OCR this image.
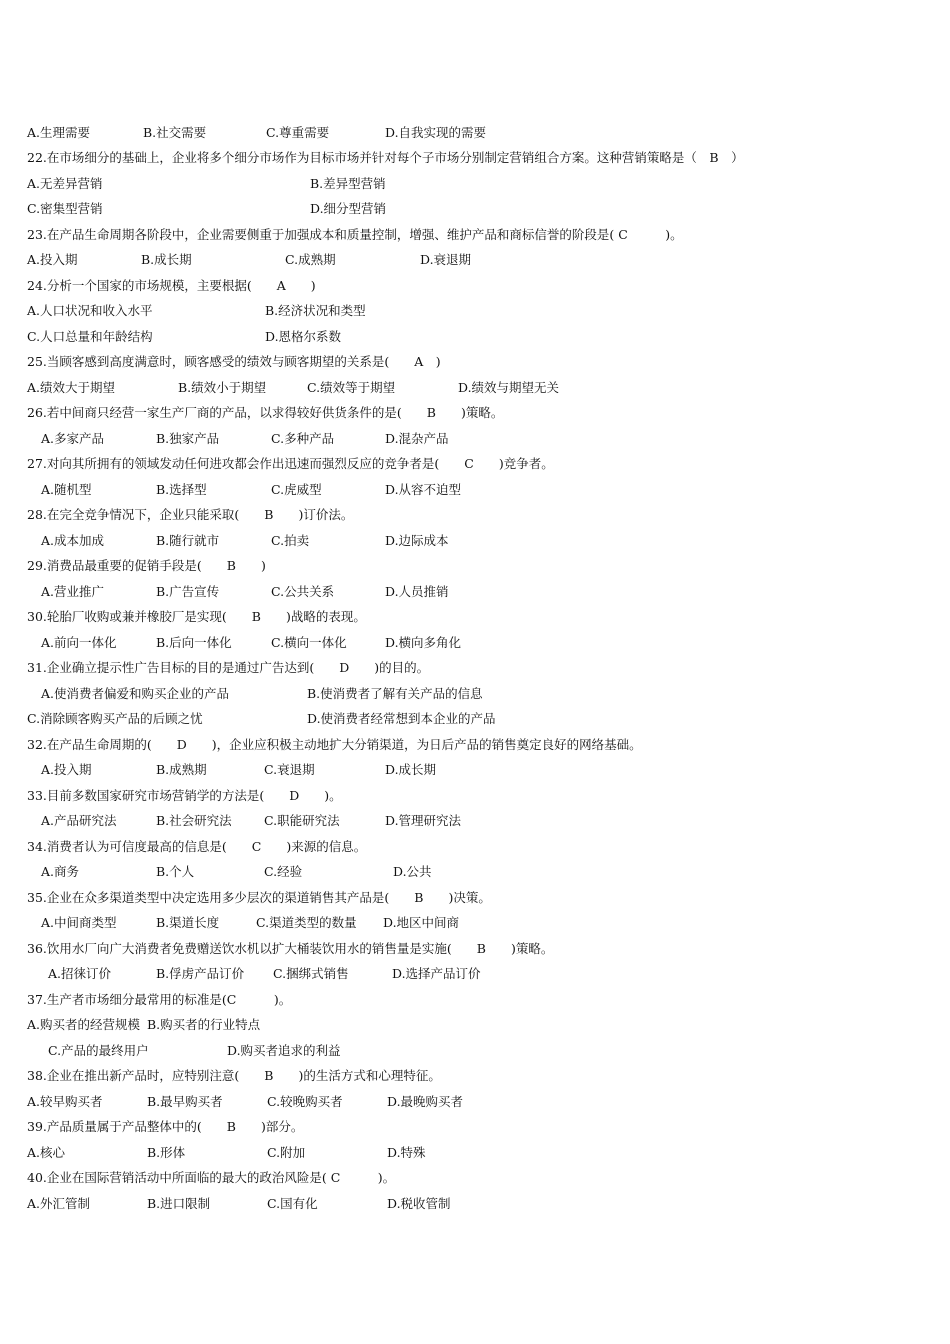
A.生理需要	B.社交需要	C.尊重需要	D.自我实现的需要
22.在市场细分的基础上，企业将多个细分市场作为目标市场并针对每个子市场分别制定营销组合方案。这种营销策略是（　B　）
A.无差异营销	B.差异型营销
C.密集型营销	D.细分型营销
23.在产品生命周期各阶段中，企业需要侧重于加强成本和质量控制，增强、维护产品和商标信誉的阶段是( C　　　)。
A.投入期	B.成长期	C.成熟期	D.衰退期
24.分析一个国家的市场规模，主要根据(　　A　　)
A.人口状况和收入水平	B.经济状况和类型
C.人口总量和年龄结构	D.恩格尔系数
25.当顾客感到高度满意时，顾客感受的绩效与顾客期望的关系是(　　A　)
A.绩效大于期望	B.绩效小于期望	C.绩效等于期望	D.绩效与期望无关
26.若中间商只经营一家生产厂商的产品，以求得较好供货条件的是(　　B　　)策略。
A.多家产品	B.独家产品	C.多种产品	D.混杂产品
27.对向其所拥有的领域发动任何进攻都会作出迅速而强烈反应的竞争者是(　　C　　)竞争者。
A.随机型	B.选择型	C.虎威型	D.从容不迫型
28.在完全竞争情况下，企业只能采取(　　B　　)订价法。
A.成本加成	B.随行就市	C.拍卖	D.边际成本
29.消费品最重要的促销手段是(　　B　　)
A.营业推广	B.广告宣传	C.公共关系	D.人员推销
30.轮胎厂收购或兼并橡胶厂是实现(　　B　　)战略的表现。
A.前向一体化	B.后向一体化	C.横向一体化	D.横向多角化
31.企业确立提示性广告目标的目的是通过广告达到(　　D　　)的目的。
A.使消费者偏爱和购买企业的产品	B.使消费者了解有关产品的信息
C.消除顾客购买产品的后顾之忧	D.使消费者经常想到本企业的产品
32.在产品生命周期的(　　D　　)，企业应积极主动地扩大分销渠道，为日后产品的销售奠定良好的网络基础。
A.投入期	B.成熟期	C.衰退期	D.成长期
33.目前多数国家研究市场营销学的方法是(　　D　　)。
A.产品研究法	B.社会研究法	C.职能研究法	D.管理研究法
34.消费者认为可信度最高的信息是(　　C　　)来源的信息。
A.商务	B.个人	C.经验	D.公共
35.企业在众多渠道类型中决定选用多少层次的渠道销售其产品是(　　B　　)决策。
A.中间商类型	B.渠道长度	C.渠道类型的数量 D.地区中间商
36.饮用水厂向广大消费者免费赠送饮水机以扩大桶装饮用水的销售量是实施(　　B　　)策略。
A.招徕订价	B.俘虏产品订价 C.捆绑式销售	D.选择产品订价
37.生产者市场细分最常用的标准是(C　　　)。
A.购买者的经营规模 B.购买者的行业特点
C.产品的最终用户	D.购买者追求的利益
38.企业在推出新产品时，应特别注意(　　B　　)的生活方式和心理特征。
A.较早购买者	B.最早购买者	C.较晚购买者	D.最晚购买者
39.产品质量属于产品整体中的(　　B　　)部分。
A.核心	B.形体	C.附加	D.特殊
40.企业在国际营销活动中所面临的最大的政治风险是( C　　　)。
A.外汇管制	B.进口限制	C.国有化	D.税收管制
